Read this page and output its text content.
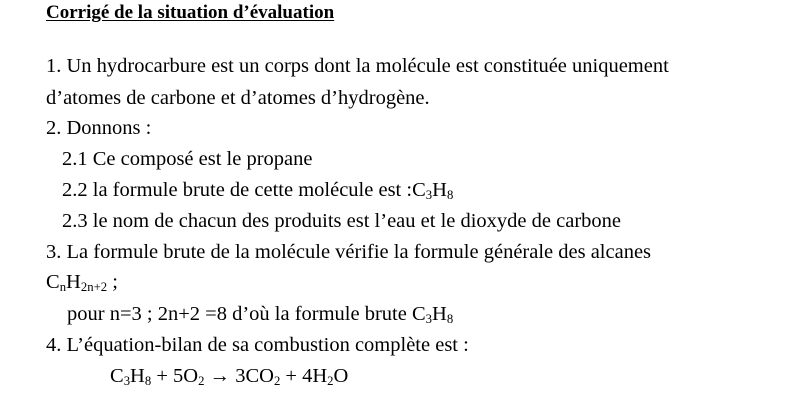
Corrigé de la situation d’évaluation
1. Un hydrocarbure est un corps dont la molécule est constituée uniquement
d’atomes de carbone et d’atomes d’hydrogène.
2. Donnons :
2.1 Ce composé est le propane
2.2 la formule brute de cette molécule est $:C_3H_8$
2.3 le nom de chacun des produits est l’eau et le dioxyde de carbone
3. La formule brute de la molécule vérifie la formule générale des alcanes
$C_nH_{2n+2}$ ;
pour n=3 ; 2n+2 =8 d’où la formule brute $C_3H_8$
4. L’équation-bilan de sa combustion complète est :
$C_3H_8 + 5O_2 \to 3CO_2 + 4H_2O$
